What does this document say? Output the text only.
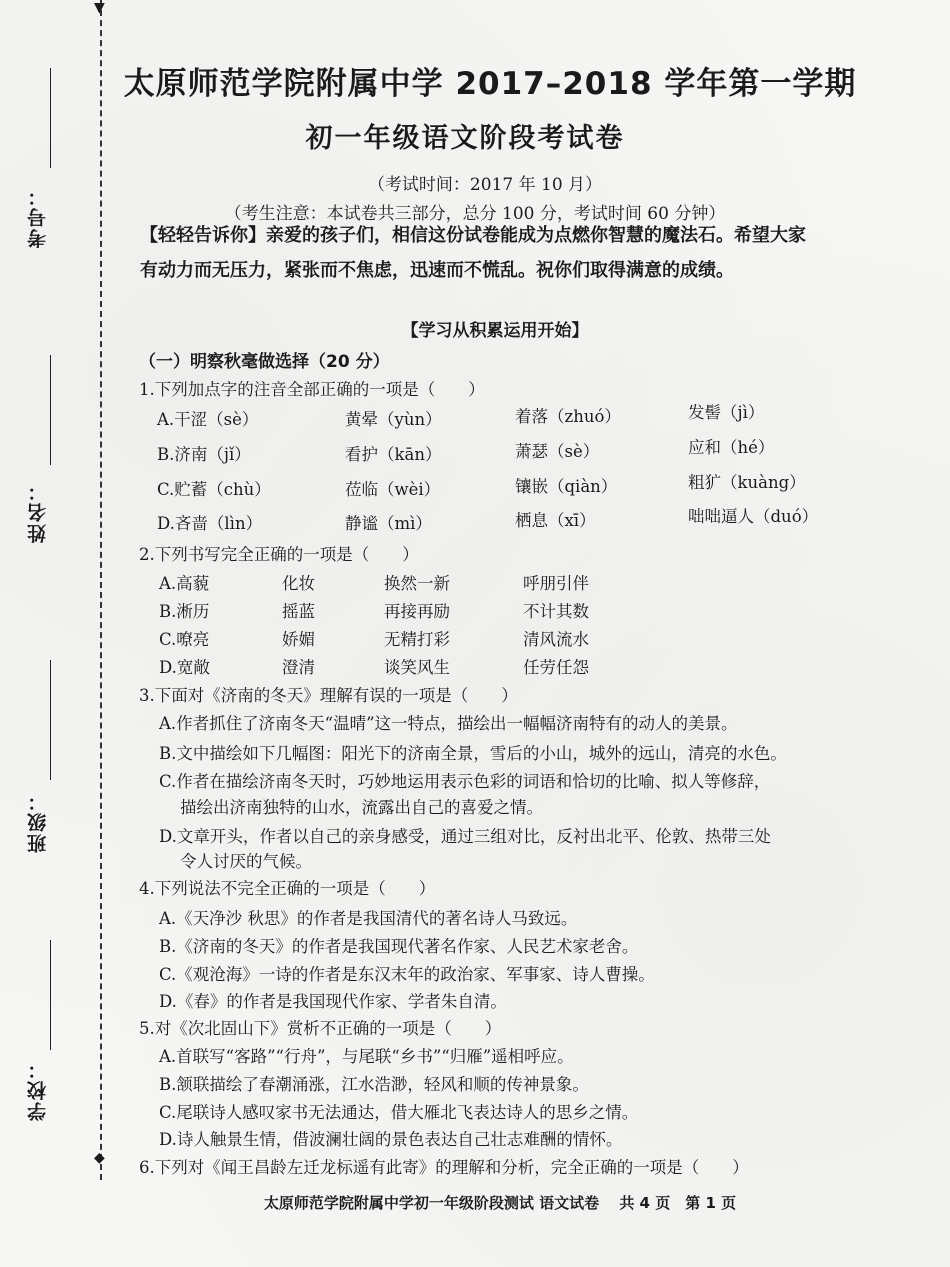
考号：
姓名：
班级：
学校：
▼
◆
太原师范学院附属中学 2017–2018 学年第一学期
初一年级语文阶段考试卷
（考试时间：2017 年 10 月）
（考生注意：本试卷共三部分，总分 100 分，考试时间 60 分钟）
【轻轻告诉你】亲爱的孩子们，相信这份试卷能成为点燃你智慧的魔法石。希望大家有动力而无压力，紧张而不焦虑，迅速而不慌乱。祝你们取得满意的成绩。
【学习从积累运用开始】
（一）明察秋毫做选择（20 分）
1.下列加点字的注音全部正确的一项是（　　）
A.干涩（sè）	黄晕（yùn）	着落（zhuó）	发髻（jì）
B.济南（jǐ）	看护（kān）	萧瑟（sè）	应和（hé）
C.贮蓄（chù）	莅临（wèi）	镶嵌（qiàn）	粗犷（kuàng）
D.吝啬（lìn）	静谧（mì）	栖息（xī）	咄咄逼人（duó）
2.下列书写完全正确的一项是（　　）
A.高藐	化妆	换然一新	呼朋引伴
B.淅历	摇蓝	再接再励	不计其数
C.嘹亮	娇媚	无精打彩	清风流水
D.宽敞	澄清	谈笑风生	任劳任怨
3.下面对《济南的冬天》理解有误的一项是（　　）
A.作者抓住了济南冬天“温晴”这一特点，描绘出一幅幅济南特有的动人的美景。
B.文中描绘如下几幅图：阳光下的济南全景，雪后的小山，城外的远山，清亮的水色。
C.作者在描绘济南冬天时，巧妙地运用表示色彩的词语和恰切的比喻、拟人等修辞，
描绘出济南独特的山水，流露出自己的喜爱之情。
D.文章开头，作者以自己的亲身感受，通过三组对比，反衬出北平、伦敦、热带三处
令人讨厌的气候。
4.下列说法不完全正确的一项是（　　）
A.《天净沙 秋思》的作者是我国清代的著名诗人马致远。
B.《济南的冬天》的作者是我国现代著名作家、人民艺术家老舍。
C.《观沧海》一诗的作者是东汉末年的政治家、军事家、诗人曹操。
D.《春》的作者是我国现代作家、学者朱自清。
5.对《次北固山下》赏析不正确的一项是（　　）
A.首联写“客路”“行舟”，与尾联“乡书”“归雁”遥相呼应。
B.颔联描绘了春潮涌涨，江水浩渺，轻风和顺的传神景象。
C.尾联诗人感叹家书无法通达，借大雁北飞表达诗人的思乡之情。
D.诗人触景生情，借波澜壮阔的景色表达自己壮志难酬的情怀。
6.下列对《闻王昌龄左迁龙标遥有此寄》的理解和分析，完全正确的一项是（　　）
太原师范学院附属中学初一年级阶段测试 语文试卷　 共 4 页　第 1 页
